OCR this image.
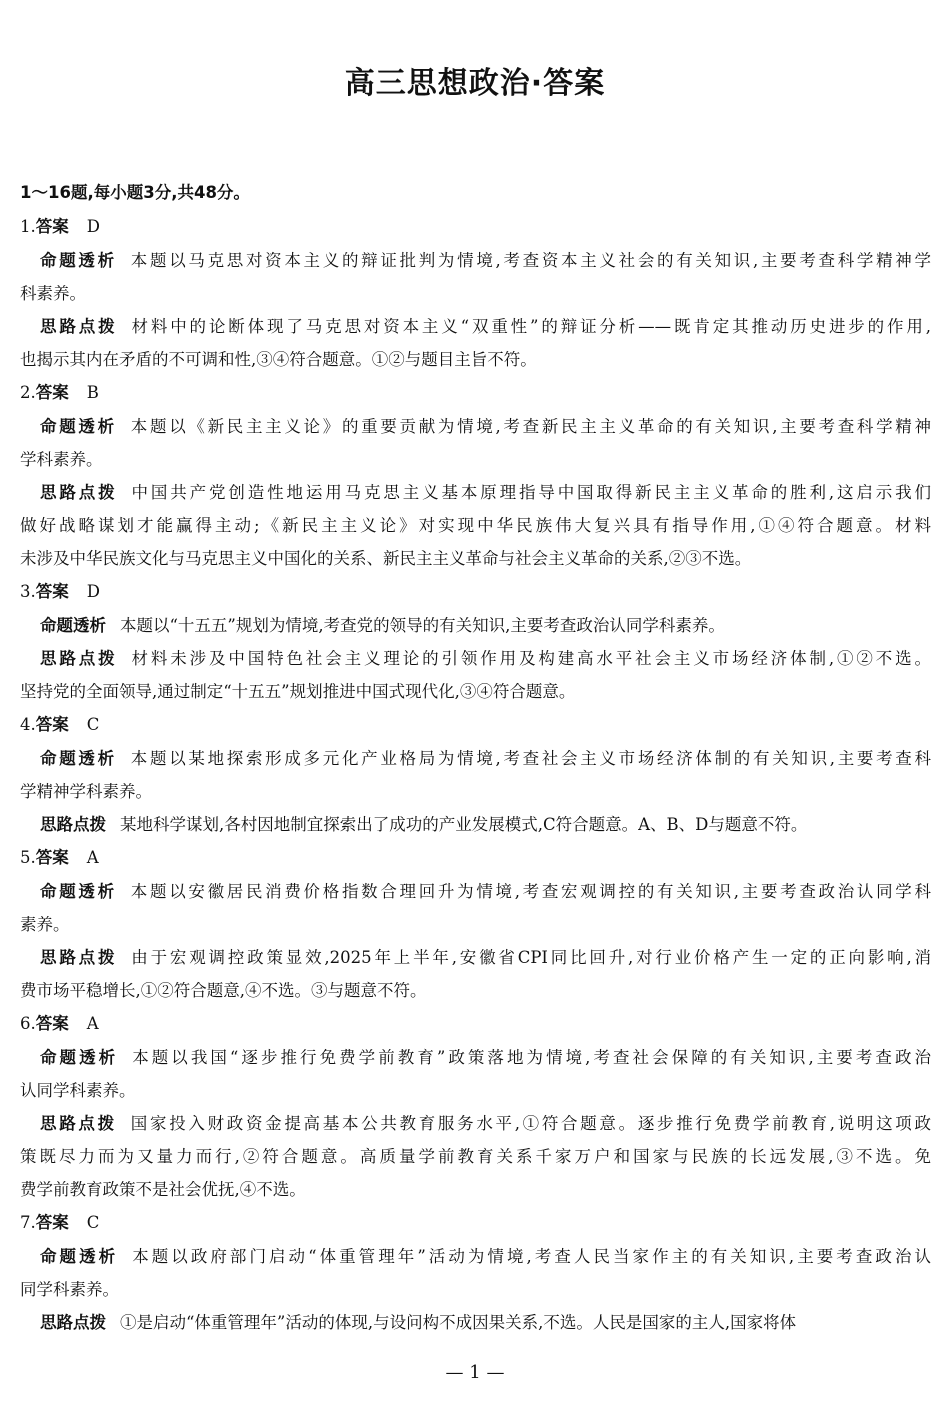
高三思想政治·答案
1～16题,每小题3分,共48分。
1.答案 D
命题透析 本题以马克思对资本主义的辩证批判为情境,考查资本主义社会的有关知识,主要考查科学精神学
科素养。
思路点拨 材料中的论断体现了马克思对资本主义“双重性”的辩证分析——既肯定其推动历史进步的作用,
也揭示其内在矛盾的不可调和性,③④符合题意。①②与题目主旨不符。
2.答案 B
命题透析 本题以《新民主主义论》的重要贡献为情境,考查新民主主义革命的有关知识,主要考查科学精神
学科素养。
思路点拨 中国共产党创造性地运用马克思主义基本原理指导中国取得新民主主义革命的胜利,这启示我们
做好战略谋划才能赢得主动;《新民主主义论》对实现中华民族伟大复兴具有指导作用,①④符合题意。材料
未涉及中华民族文化与马克思主义中国化的关系、新民主主义革命与社会主义革命的关系,②③不选。
3.答案 D
命题透析 本题以“十五五”规划为情境,考查党的领导的有关知识,主要考查政治认同学科素养。
思路点拨 材料未涉及中国特色社会主义理论的引领作用及构建高水平社会主义市场经济体制,①②不选。
坚持党的全面领导,通过制定“十五五”规划推进中国式现代化,③④符合题意。
4.答案 C
命题透析 本题以某地探索形成多元化产业格局为情境,考查社会主义市场经济体制的有关知识,主要考查科
学精神学科素养。
思路点拨 某地科学谋划,各村因地制宜探索出了成功的产业发展模式,C符合题意。A、B、D与题意不符。
5.答案 A
命题透析 本题以安徽居民消费价格指数合理回升为情境,考查宏观调控的有关知识,主要考查政治认同学科
素养。
思路点拨 由于宏观调控政策显效,2025年上半年,安徽省CPI同比回升,对行业价格产生一定的正向影响,消
费市场平稳增长,①②符合题意,④不选。③与题意不符。
6.答案 A
命题透析 本题以我国“逐步推行免费学前教育”政策落地为情境,考查社会保障的有关知识,主要考查政治
认同学科素养。
思路点拨 国家投入财政资金提高基本公共教育服务水平,①符合题意。逐步推行免费学前教育,说明这项政
策既尽力而为又量力而行,②符合题意。高质量学前教育关系千家万户和国家与民族的长远发展,③不选。免
费学前教育政策不是社会优抚,④不选。
7.答案 C
命题透析 本题以政府部门启动“体重管理年”活动为情境,考查人民当家作主的有关知识,主要考查政治认
同学科素养。
思路点拨 ①是启动“体重管理年”活动的体现,与设问构不成因果关系,不选。人民是国家的主人,国家将体
— 1 —
